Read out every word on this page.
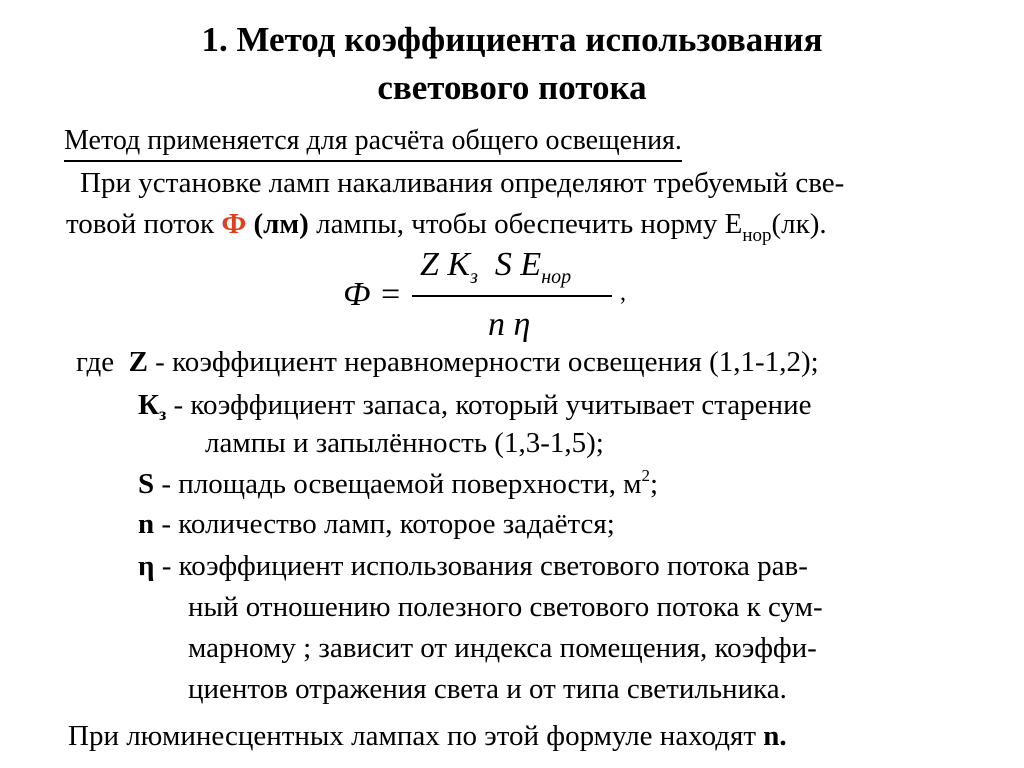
1. Метод коэффициента использования
светового потока
Метод применяется для расчёта общего освещения.
При установке ламп накаливания определяют требуемый све-
товой поток Ф (лм) лампы, чтобы обеспечить норму $Е_{нор}(лк)$.
Ф =
Z $K_з$ S $E_{нор}$
n η
,
где Z - коэффициент неравномерности освещения (1,1-1,2);
$К_з$ - коэффициент запаса, который учитывает старение
лампы и запылённость (1,3-1,5);
S - площадь освещаемой поверхности, $м^2$;
n - количество ламп, которое задаётся;
η - коэффициент использования светового потока рав-
ный отношению полезного светового потока к сум-
марному ; зависит от индекса помещения, коэффи-
циентов отражения света и от типа светильника.
При люминесцентных лампах по этой формуле находят n.
